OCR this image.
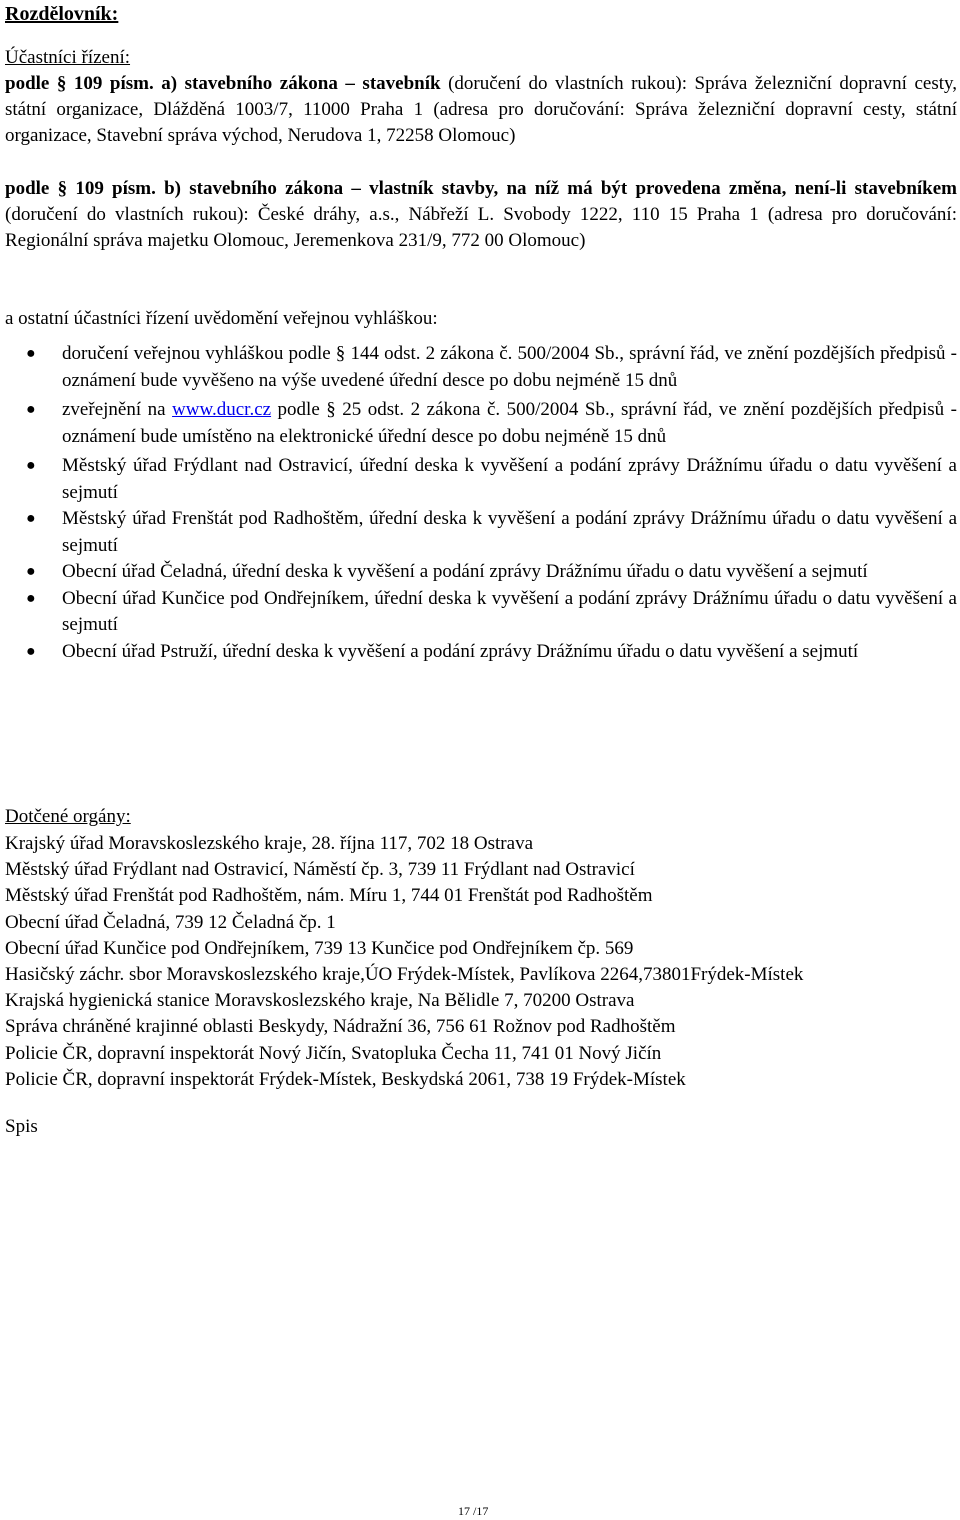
Rozdělovník:
Účastníci řízení:
podle § 109 písm. a) stavebního zákona – stavebník (doručení do vlastních rukou): Správa železniční dopravní cesty, státní organizace, Dlážděná 1003/7, 11000 Praha 1 (adresa pro doručování: Správa železniční dopravní cesty, státní organizace, Stavební správa východ, Nerudova 1, 72258 Olomouc)
podle § 109 písm. b) stavebního zákona – vlastník stavby, na níž má být provedena změna, není-li stavebníkem (doručení do vlastních rukou): České dráhy, a.s., Nábřeží L. Svobody 1222, 110 15 Praha 1 (adresa pro doručování: Regionální správa majetku Olomouc, Jeremenkova 231/9, 772 00 Olomouc)
a ostatní účastníci řízení uvědomění veřejnou vyhláškou:
● doručení veřejnou vyhláškou podle § 144 odst. 2 zákona č. 500/2004 Sb., správní řád, ve znění pozdějších předpisů - oznámení bude vyvěšeno na výše uvedené úřední desce po dobu nejméně 15 dnů
● zveřejnění na www.ducr.cz podle § 25 odst. 2 zákona č. 500/2004 Sb., správní řád, ve znění pozdějších předpisů - oznámení bude umístěno na elektronické úřední desce po dobu nejméně 15 dnů
● Městský úřad Frýdlant nad Ostravicí, úřední deska k vyvěšení a podání zprávy Drážnímu úřadu o datu vyvěšení a sejmutí
● Městský úřad Frenštát pod Radhoštěm, úřední deska k vyvěšení a podání zprávy Drážnímu úřadu o datu vyvěšení a sejmutí
● Obecní úřad Čeladná, úřední deska k vyvěšení a podání zprávy Drážnímu úřadu o datu vyvěšení a sejmutí
● Obecní úřad Kunčice pod Ondřejníkem, úřední deska k vyvěšení a podání zprávy Drážnímu úřadu o datu vyvěšení a sejmutí
● Obecní úřad Pstruží, úřední deska k vyvěšení a podání zprávy Drážnímu úřadu o datu vyvěšení a sejmutí
Dotčené orgány:
Krajský úřad Moravskoslezského kraje, 28. října 117, 702 18 Ostrava
Městský úřad Frýdlant nad Ostravicí, Náměstí čp. 3, 739 11 Frýdlant nad Ostravicí
Městský úřad Frenštát pod Radhoštěm, nám. Míru 1, 744 01 Frenštát pod Radhoštěm
Obecní úřad Čeladná, 739 12 Čeladná čp. 1
Obecní úřad Kunčice pod Ondřejníkem, 739 13 Kunčice pod Ondřejníkem čp. 569
Hasičský záchr. sbor Moravskoslezského kraje,ÚO Frýdek-Místek, Pavlíkova 2264,73801Frýdek-Místek
Krajská hygienická stanice Moravskoslezského kraje, Na Bělidle 7, 70200 Ostrava
Správa chráněné krajinné oblasti Beskydy, Nádražní 36, 756 61 Rožnov pod Radhoštěm
Policie ČR, dopravní inspektorát Nový Jičín, Svatopluka Čecha 11, 741 01 Nový Jičín
Policie ČR, dopravní inspektorát Frýdek-Místek, Beskydská 2061, 738 19 Frýdek-Místek
Spis
17 /17
